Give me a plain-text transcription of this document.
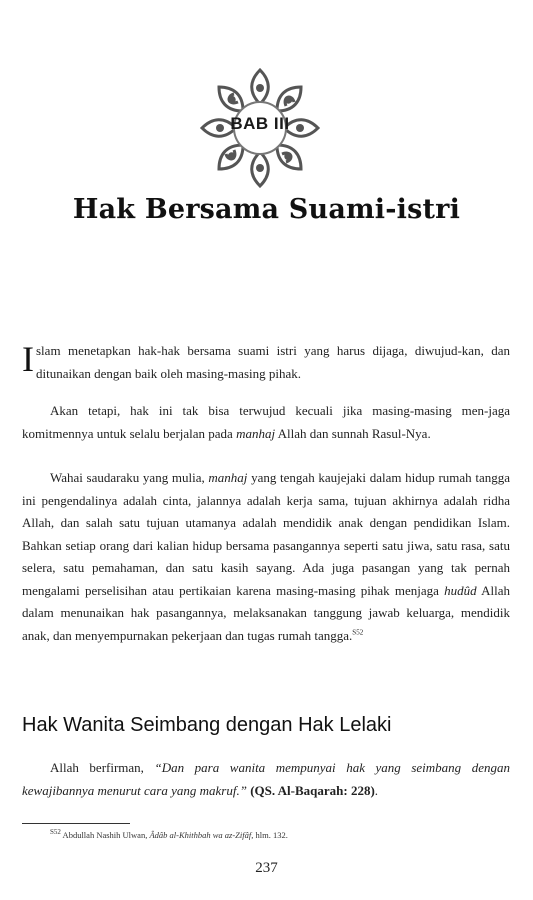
BAB III
Hak Bersama Suami-istri

Islam menetapkan hak-hak bersama suami istri yang harus dijaga, diwujud-kan, dan ditunaikan dengan baik oleh masing-masing pihak.

Akan tetapi, hak ini tak bisa terwujud kecuali jika masing-masing men-jaga komitmennya untuk selalu berjalan pada manhaj Allah dan sunnah Rasul-Nya.

Wahai saudaraku yang mulia, manhaj yang tengah kaujejaki dalam hidup rumah tangga ini pengendalinya adalah cinta, jalannya adalah kerja sama, tujuan akhirnya adalah ridha Allah, dan salah satu tujuan utamanya adalah mendidik anak dengan pendidikan Islam. Bahkan setiap orang dari kalian hidup bersama pasangannya seperti satu jiwa, satu rasa, satu selera, satu pemahaman, dan satu kasih sayang. Ada juga pasangan yang tak pernah mengalami perselisihan atau pertikaian karena masing-masing pihak menjaga hudûd Allah dalam menunaikan hak pasangannya, melaksanakan tanggung jawab keluarga, mendidik anak, dan menyempurnakan pekerjaan dan tugas rumah tangga.$^{S52}$

Hak Wanita Seimbang dengan Hak Lelaki

Allah berfirman, “Dan para wanita mempunyai hak yang seimbang dengan kewajibannya menurut cara yang makruf.” (QS. Al-Baqarah: 228).

$^{S52}$ Abdullah Nashih Ulwan, Âdâb al-Khithbah wa az-Zifâf, hlm. 132.
237
